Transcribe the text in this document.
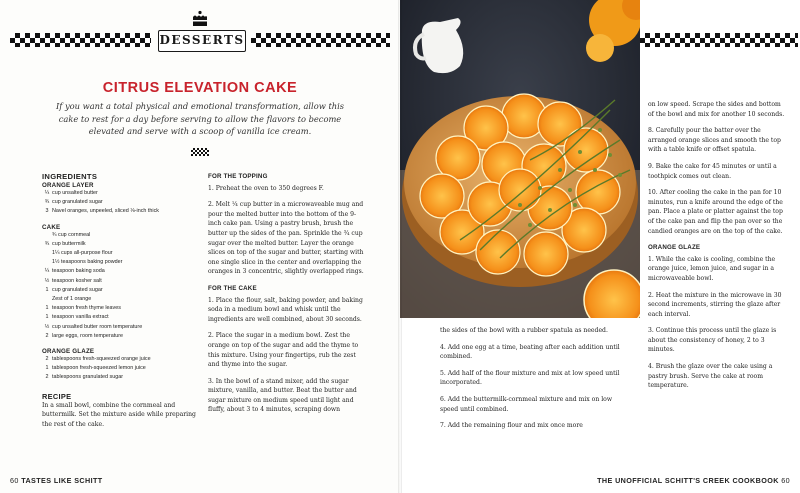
DESSERTS
CITRUS ELEVATION CAKE
If you want a total physical and emotional transformation, allow this cake to rest for a day before serving to allow the flavors to become elevated and serve with a scoop of vanilla ice cream.
INGREDIENTS
ORANGE LAYER
¼ cup unsalted butter
¾ cup granulated sugar
3 Navel oranges, unpeeled, sliced ⅛-inch thick
CAKE
¾ cup cornmeal
¾ cup buttermilk
1¼ cups all-purpose flour
1½ teaspoons baking powder
¼ teaspoon baking soda
½ teaspoon kosher salt
1 cup granulated sugar
Zest of 1 orange
1 teaspoon fresh thyme leaves
1 teaspoon vanilla extract
½ cup unsalted butter room temperature
2 large eggs, room temperature
ORANGE GLAZE
2 tablespoons fresh-squeezed orange juice
1 tablespoon fresh-squeezed lemon juice
2 tablespoons granulated sugar
RECIPE
In a small bowl, combine the cornmeal and buttermilk. Set the mixture aside while preparing the rest of the cake.
FOR THE TOPPING

1. Preheat the oven to 350 degrees F.

2. Melt ¼ cup butter in a microwaveable mug and pour the melted butter into the bottom of the 9-inch cake pan. Using a pastry brush, brush the butter up the sides of the pan. Sprinkle the ¾ cup sugar over the melted butter. Layer the orange slices on top of the sugar and butter, starting with one single slice in the center and overlapping the oranges in 3 concentric, slightly overlapped rings.

FOR THE CAKE

1. Place the flour, salt, baking powder, and baking soda in a medium bowl and whisk until the ingredients are well combined, about 30 seconds.

2. Place the sugar in a medium bowl. Zest the orange on top of the sugar and add the thyme to this mixture. Using your fingertips, rub the zest and thyme into the sugar.

3. In the bowl of a stand mixer, add the sugar mixture, vanilla, and butter. Beat the butter and sugar mixture on medium speed until light and fluffy, about 3 to 4 minutes, scraping down

60 TASTES LIKE SCHITT

on low speed. Scrape the sides and bottom of the bowl and mix for another 10 seconds.

8. Carefully pour the batter over the arranged orange slices and smooth the top with a table knife or offset spatula.

9. Bake the cake for 45 minutes or until a toothpick comes out clean.

10. After cooling the cake in the pan for 10 minutes, run a knife around the edge of the pan. Place a plate or platter against the top of the cake pan and flip the pan over so the candied oranges are on the top of the cake.

ORANGE GLAZE

1. While the cake is cooling, combine the orange juice, lemon juice, and sugar in a microwaveable bowl.

2. Heat the mixture in the microwave in 30 second increments, stirring the glaze after each interval.

3. Continue this process until the glaze is about the consistency of honey, 2 to 3 minutes.

4. Brush the glaze over the cake using a pastry brush. Serve the cake at room temperature.

the sides of the bowl with a rubber spatula as needed.

4. Add one egg at a time, beating after each addition until combined.

5. Add half of the flour mixture and mix at low speed until incorporated.

6. Add the buttermilk-cornmeal mixture and mix on low speed until combined.

7. Add the remaining flour and mix once more

THE UNOFFICIAL SCHITT'S CREEK COOKBOOK 60
